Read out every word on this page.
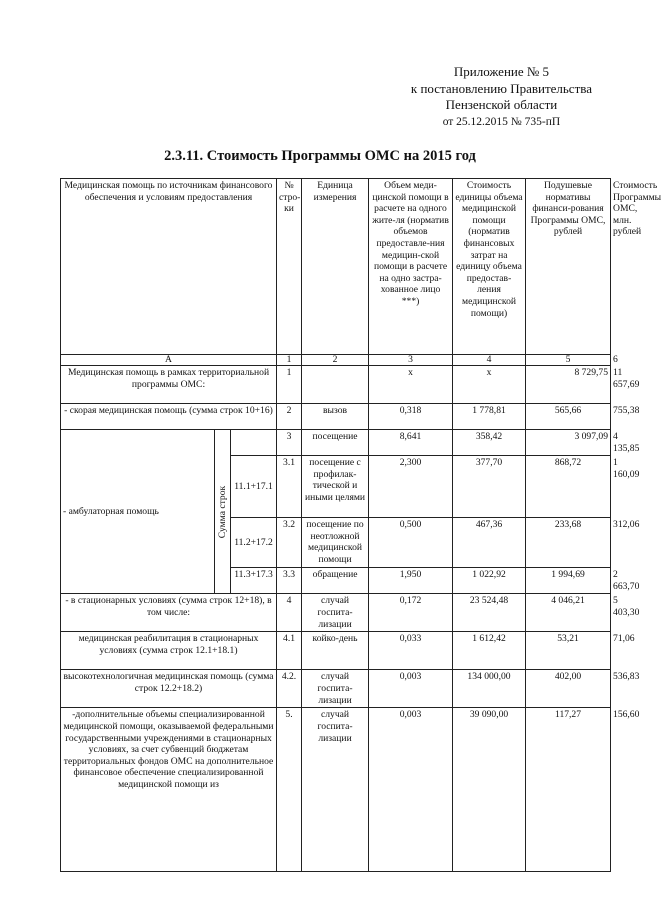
Приложение № 5
к постановлению Правительства
Пензенской области
от 25.12.2015 № 735-пП
2.3.11. Стоимость Программы ОМС на 2015 год
Медицинская помощь по источникам финансового обеспечения и условиям предоставления			№ стро-ки	Единица измерения	Объем меди-цинской помощи в расчете на одного жите-ля (норматив объемов предоставле-ния медицин-ской помощи в расчете на одно застра-хованное лицо ***)	Стоимость единицы объема медицинской помощи (норматив финансовых затрат на единицу объема предостав-ления медицинской помощи)	Подушевые нормативы финанси-рования Программы ОМС, рублей	Стоимость Программы ОМС, млн. рублей
А			1	2	3	4	5	6
Медицинская помощь в рамках территориальной программы ОМС:			1		x	x	8 729,75	11 657,69
- скорая медицинская помощь (сумма строк 10+16)			2	вызов	0,318	1 778,81	565,66	755,38
- амбулаторная помощь	Сумма строк		3	посещение	8,641	358,42	3 097,09	4 135,85
		11.1+17.1	3.1	посещение с профилак-тической и иными целями	2,300	377,70	868,72	1 160,09
		11.2+17.2	3.2	посещение по неотложной медицинской помощи	0,500	467,36	233,68	312,06
		11.3+17.3	3.3	обращение	1,950	1 022,92	1 994,69	2 663,70
- в стационарных условиях (сумма строк 12+18), в том числе:			4	случай госпита-лизации	0,172	23 524,48	4 046,21	5 403,30
медицинская реабилитация в стационарных условиях (сумма строк 12.1+18.1)			4.1	койко-день	0,033	1 612,42	53,21	71,06
высокотехнологичная медицинская помощь (сумма строк 12.2+18.2)			4.2.	случай госпита-лизации	0,003	134 000,00	402,00	536,83
-дополнительные объемы специализированной медицинской помощи, оказываемой федеральными государственными учреждениями в стационарных условиях, за счет субвенций бюджетам территориальных фондов ОМС на дополнительное финансовое обеспечение специализированной медицинской помощи из			5.	случай госпита-лизации	0,003	39 090,00	117,27	156,60
